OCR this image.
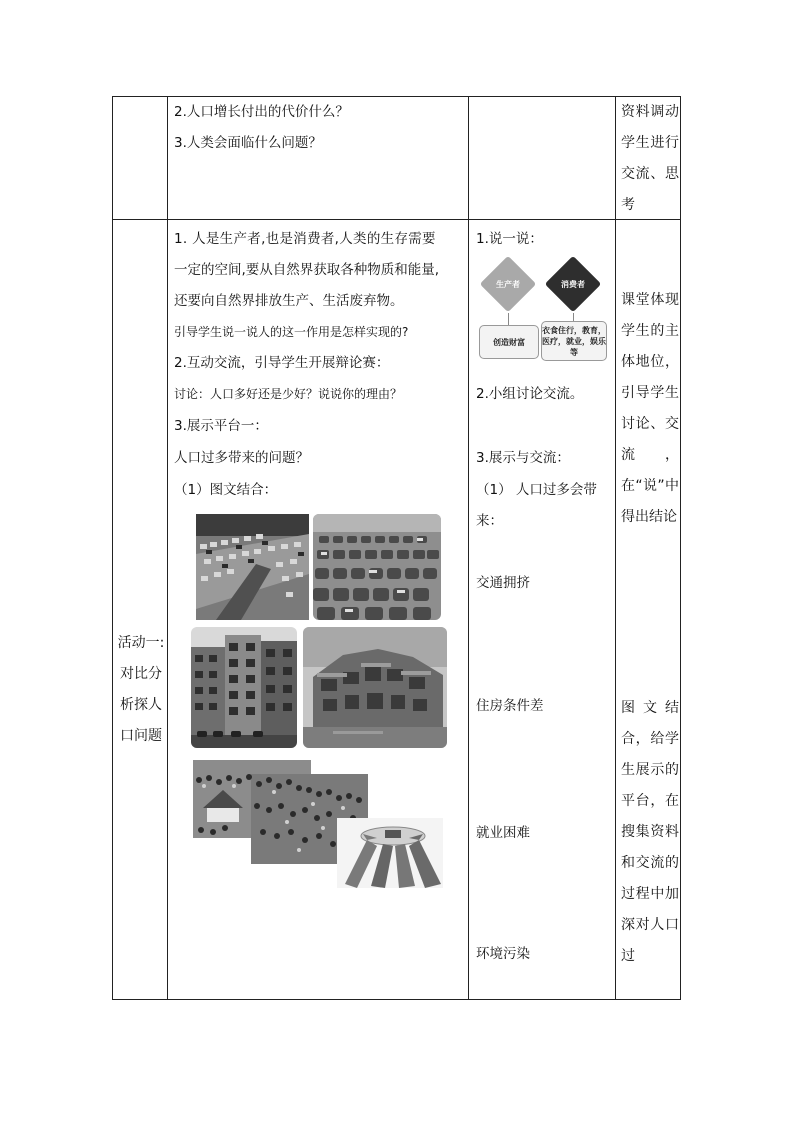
2.人口增长付出的代价什么？
3.人类会面临什么问题？
资料调动学生进行交流、思考
活动一:对比分析探人口问题
1. 人是生产者,也是消费者,人类的生存需要
一定的空间,要从自然界获取各种物质和能量,
还要向自然界排放生产、生活废弃物。
引导学生说一说人的这一作用是怎样实现的?
2.互动交流，引导学生开展辩论赛：
讨论：人口多好还是少好？说说你的理由？
3.展示平台一：
人口过多带来的问题？
（1）图文结合：
1.说一说：
生产者	消费者
创造财富
衣食住行，教育，医疗，就业，娱乐等
2.小组讨论交流。
3.展示与交流：
（1） 人口过多会带
来：
交通拥挤
住房条件差
就业困难
环境污染
课堂体现学生的主体地位，引导学生讨论、交流，在“说”中得出结论
图文结合，给学生展示的平台，在搜集资料和交流的过程中加深对人口过
